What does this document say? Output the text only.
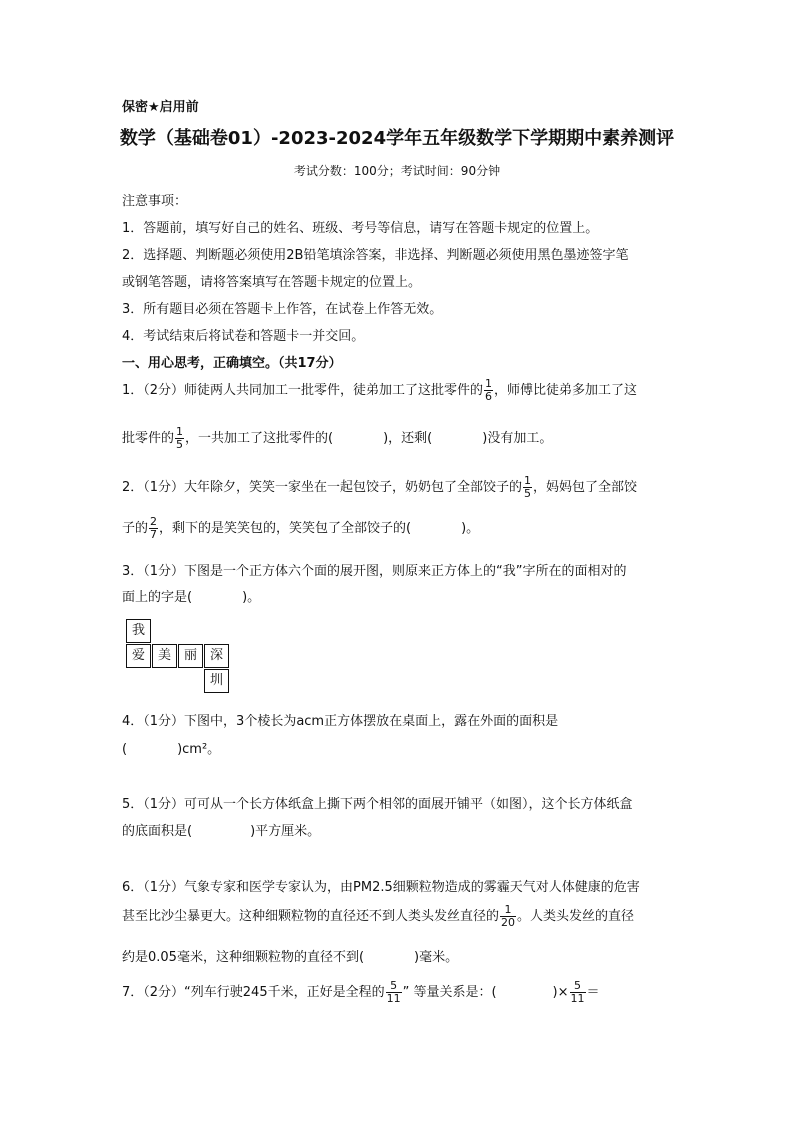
保密★启用前
数学（基础卷01）-2023-2024学年五年级数学下学期期中素养测评
考试分数：100分；考试时间：90分钟
注意事项：
1．答题前，填写好自己的姓名、班级、考号等信息，请写在答题卡规定的位置上。
2．选择题、判断题必须使用2B铅笔填涂答案，非选择、判断题必须使用黑色墨迹签字笔
或钢笔答题，请将答案填写在答题卡规定的位置上。
3．所有题目必须在答题卡上作答，在试卷上作答无效。
4．考试结束后将试卷和答题卡一并交回。
一、用心思考，正确填空。（共17分）
1．（2分）师徒两人共同加工一批零件，徒弟加工了这批零件的 $\frac{1}{6}$ ，师傅比徒弟多加工了这
批零件的 $\frac{1}{5}$ ，一共加工了这批零件的(	)，还剩(	)没有加工。
2．（1分）大年除夕，笑笑一家坐在一起包饺子，奶奶包了全部饺子的 $\frac{1}{5}$ ，妈妈包了全部饺
子的 $\frac{2}{7}$ ，剩下的是笑笑包的，笑笑包了全部饺子的(	)。
3．（1分）下图是一个正方体六个面的展开图，则原来正方体上的“我”字所在的面相对的
面上的字是(	)。
我
爱 美 丽 深
圳
4．（1分）下图中，3个棱长为acm正方体摆放在桌面上，露在外面的面积是
(	)cm²。
5．（1分）可可从一个长方体纸盒上撕下两个相邻的面展开铺平（如图），这个长方体纸盒
的底面积是(	)平方厘米。
6．（1分）气象专家和医学专家认为，由PM2.5细颗粒物造成的雾霾天气对人体健康的危害
甚至比沙尘暴更大。这种细颗粒物的直径还不到人类头发丝直径的 $\frac{1}{20}$ 。人类头发丝的直径
约是0.05毫米，这种细颗粒物的直径不到(	)毫米。
7．（2分）“列车行驶245千米，正好是全程的 $\frac{5}{11}$ ” 等量关系是：(	)× $\frac{5}{11}$ ＝
